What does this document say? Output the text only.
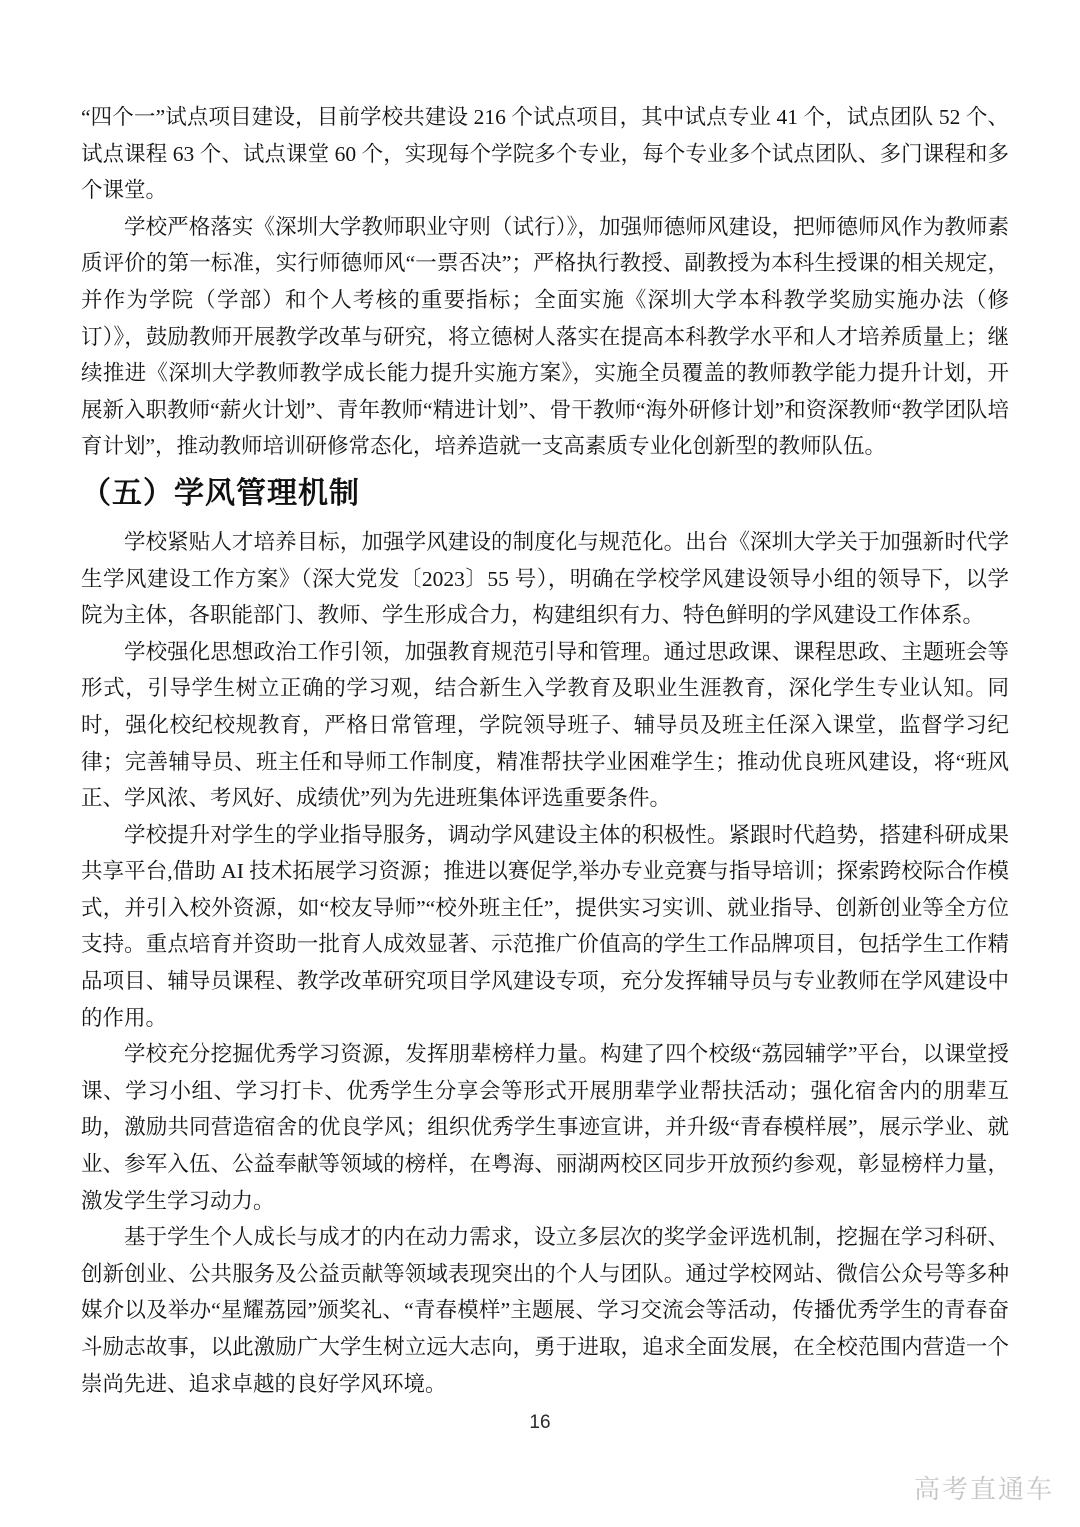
“四个一”试点项目建设，目前学校共建设 216 个试点项目，其中试点专业 41 个，试点团队 52 个、试点课程 63 个、试点课堂 60 个，实现每个学院多个专业，每个专业多个试点团队、多门课程和多个课堂。

学校严格落实《深圳大学教师职业守则（试行）》，加强师德师风建设，把师德师风作为教师素质评价的第一标准，实行师德师风“一票否决”；严格执行教授、副教授为本科生授课的相关规定，并作为学院（学部）和个人考核的重要指标；全面实施《深圳大学本科教学奖励实施办法（修订）》，鼓励教师开展教学改革与研究，将立德树人落实在提高本科教学水平和人才培养质量上；继续推进《深圳大学教师教学成长能力提升实施方案》，实施全员覆盖的教师教学能力提升计划，开展新入职教师“薪火计划”、青年教师“精进计划”、骨干教师“海外研修计划”和资深教师“教学团队培育计划”，推动教师培训研修常态化，培养造就一支高素质专业化创新型的教师队伍。

（五）学风管理机制

学校紧贴人才培养目标，加强学风建设的制度化与规范化。出台《深圳大学关于加强新时代学生学风建设工作方案》（深大党发〔2023〕55 号），明确在学校学风建设领导小组的领导下，以学院为主体，各职能部门、教师、学生形成合力，构建组织有力、特色鲜明的学风建设工作体系。

学校强化思想政治工作引领，加强教育规范引导和管理。通过思政课、课程思政、主题班会等形式，引导学生树立正确的学习观，结合新生入学教育及职业生涯教育，深化学生专业认知。同时，强化校纪校规教育，严格日常管理，学院领导班子、辅导员及班主任深入课堂，监督学习纪律；完善辅导员、班主任和导师工作制度，精准帮扶学业困难学生；推动优良班风建设，将“班风正、学风浓、考风好、成绩优”列为先进班集体评选重要条件。

学校提升对学生的学业指导服务，调动学风建设主体的积极性。紧跟时代趋势，搭建科研成果共享平台,借助 AI 技术拓展学习资源；推进以赛促学,举办专业竞赛与指导培训；探索跨校际合作模式，并引入校外资源，如“校友导师”“校外班主任”，提供实习实训、就业指导、创新创业等全方位支持。重点培育并资助一批育人成效显著、示范推广价值高的学生工作品牌项目，包括学生工作精品项目、辅导员课程、教学改革研究项目学风建设专项，充分发挥辅导员与专业教师在学风建设中的作用。

学校充分挖掘优秀学习资源，发挥朋辈榜样力量。构建了四个校级“荔园辅学”平台，以课堂授课、学习小组、学习打卡、优秀学生分享会等形式开展朋辈学业帮扶活动；强化宿舍内的朋辈互助，激励共同营造宿舍的优良学风；组织优秀学生事迹宣讲，并升级“青春模样展”，展示学业、就业、参军入伍、公益奉献等领域的榜样，在粤海、丽湖两校区同步开放预约参观，彰显榜样力量，激发学生学习动力。

基于学生个人成长与成才的内在动力需求，设立多层次的奖学金评选机制，挖掘在学习科研、创新创业、公共服务及公益贡献等领域表现突出的个人与团队。通过学校网站、微信公众号等多种媒介以及举办“星耀荔园”颁奖礼、“青春模样”主题展、学习交流会等活动，传播优秀学生的青春奋斗励志故事，以此激励广大学生树立远大志向，勇于进取，追求全面发展，在全校范围内营造一个崇尚先进、追求卓越的良好学风环境。

16
高考直通车
